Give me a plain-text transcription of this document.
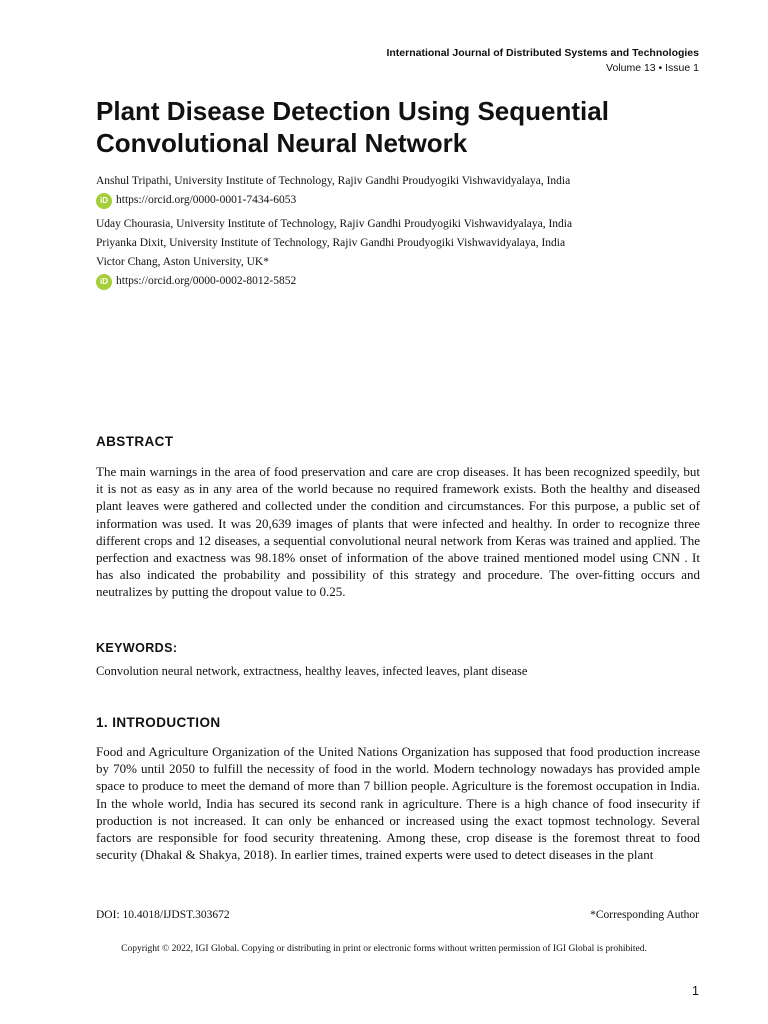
International Journal of Distributed Systems and Technologies
Volume 13 • Issue 1
Plant Disease Detection Using Sequential
Convolutional Neural Network
Anshul Tripathi, University Institute of Technology, Rajiv Gandhi Proudyogiki Vishwavidyalaya, India
iD https://orcid.org/0000-0001-7434-6053
Uday Chourasia, University Institute of Technology, Rajiv Gandhi Proudyogiki Vishwavidyalaya, India
Priyanka Dixit, University Institute of Technology, Rajiv Gandhi Proudyogiki Vishwavidyalaya, India
Victor Chang, Aston University, UK*
iD https://orcid.org/0000-0002-8012-5852
ABSTRACT

The main warnings in the area of food preservation and care are crop diseases. It has been recognized speedily, but it is not as easy as in any area of the world because no required framework exists. Both the healthy and diseased plant leaves were gathered and collected under the condition and circumstances. For this purpose, a public set of information was used. It was 20,639 images of plants that were infected and healthy. In order to recognize three different crops and 12 diseases, a sequential convolutional neural network from Keras was trained and applied. The perfection and exactness was 98.18% onset of information of the above trained mentioned model using CNN . It has also indicated the probability and possibility of this strategy and procedure. The over-fitting occurs and neutralizes by putting the dropout value to 0.25.

KEYWORDS:

Convolution neural network, extractness, healthy leaves, infected leaves, plant disease

1. INTRODUCTION

Food and Agriculture Organization of the United Nations Organization has supposed that food production increase by 70% until 2050 to fulfill the necessity of food in the world. Modern technology nowadays has provided ample space to produce to meet the demand of more than 7 billion people. Agriculture is the foremost occupation in India. In the whole world, India has secured its second rank in agriculture. There is a high chance of food insecurity if production is not increased. It can only be enhanced or increased using the exact topmost technology. Several factors are responsible for food security threatening. Among these, crop disease is the foremost threat to food security (Dhakal & Shakya, 2018). In earlier times, trained experts were used to detect diseases in the plant

DOI: 10.4018/IJDST.303672	*Corresponding Author
Copyright © 2022, IGI Global. Copying or distributing in print or electronic forms without written permission of IGI Global is prohibited.
1
